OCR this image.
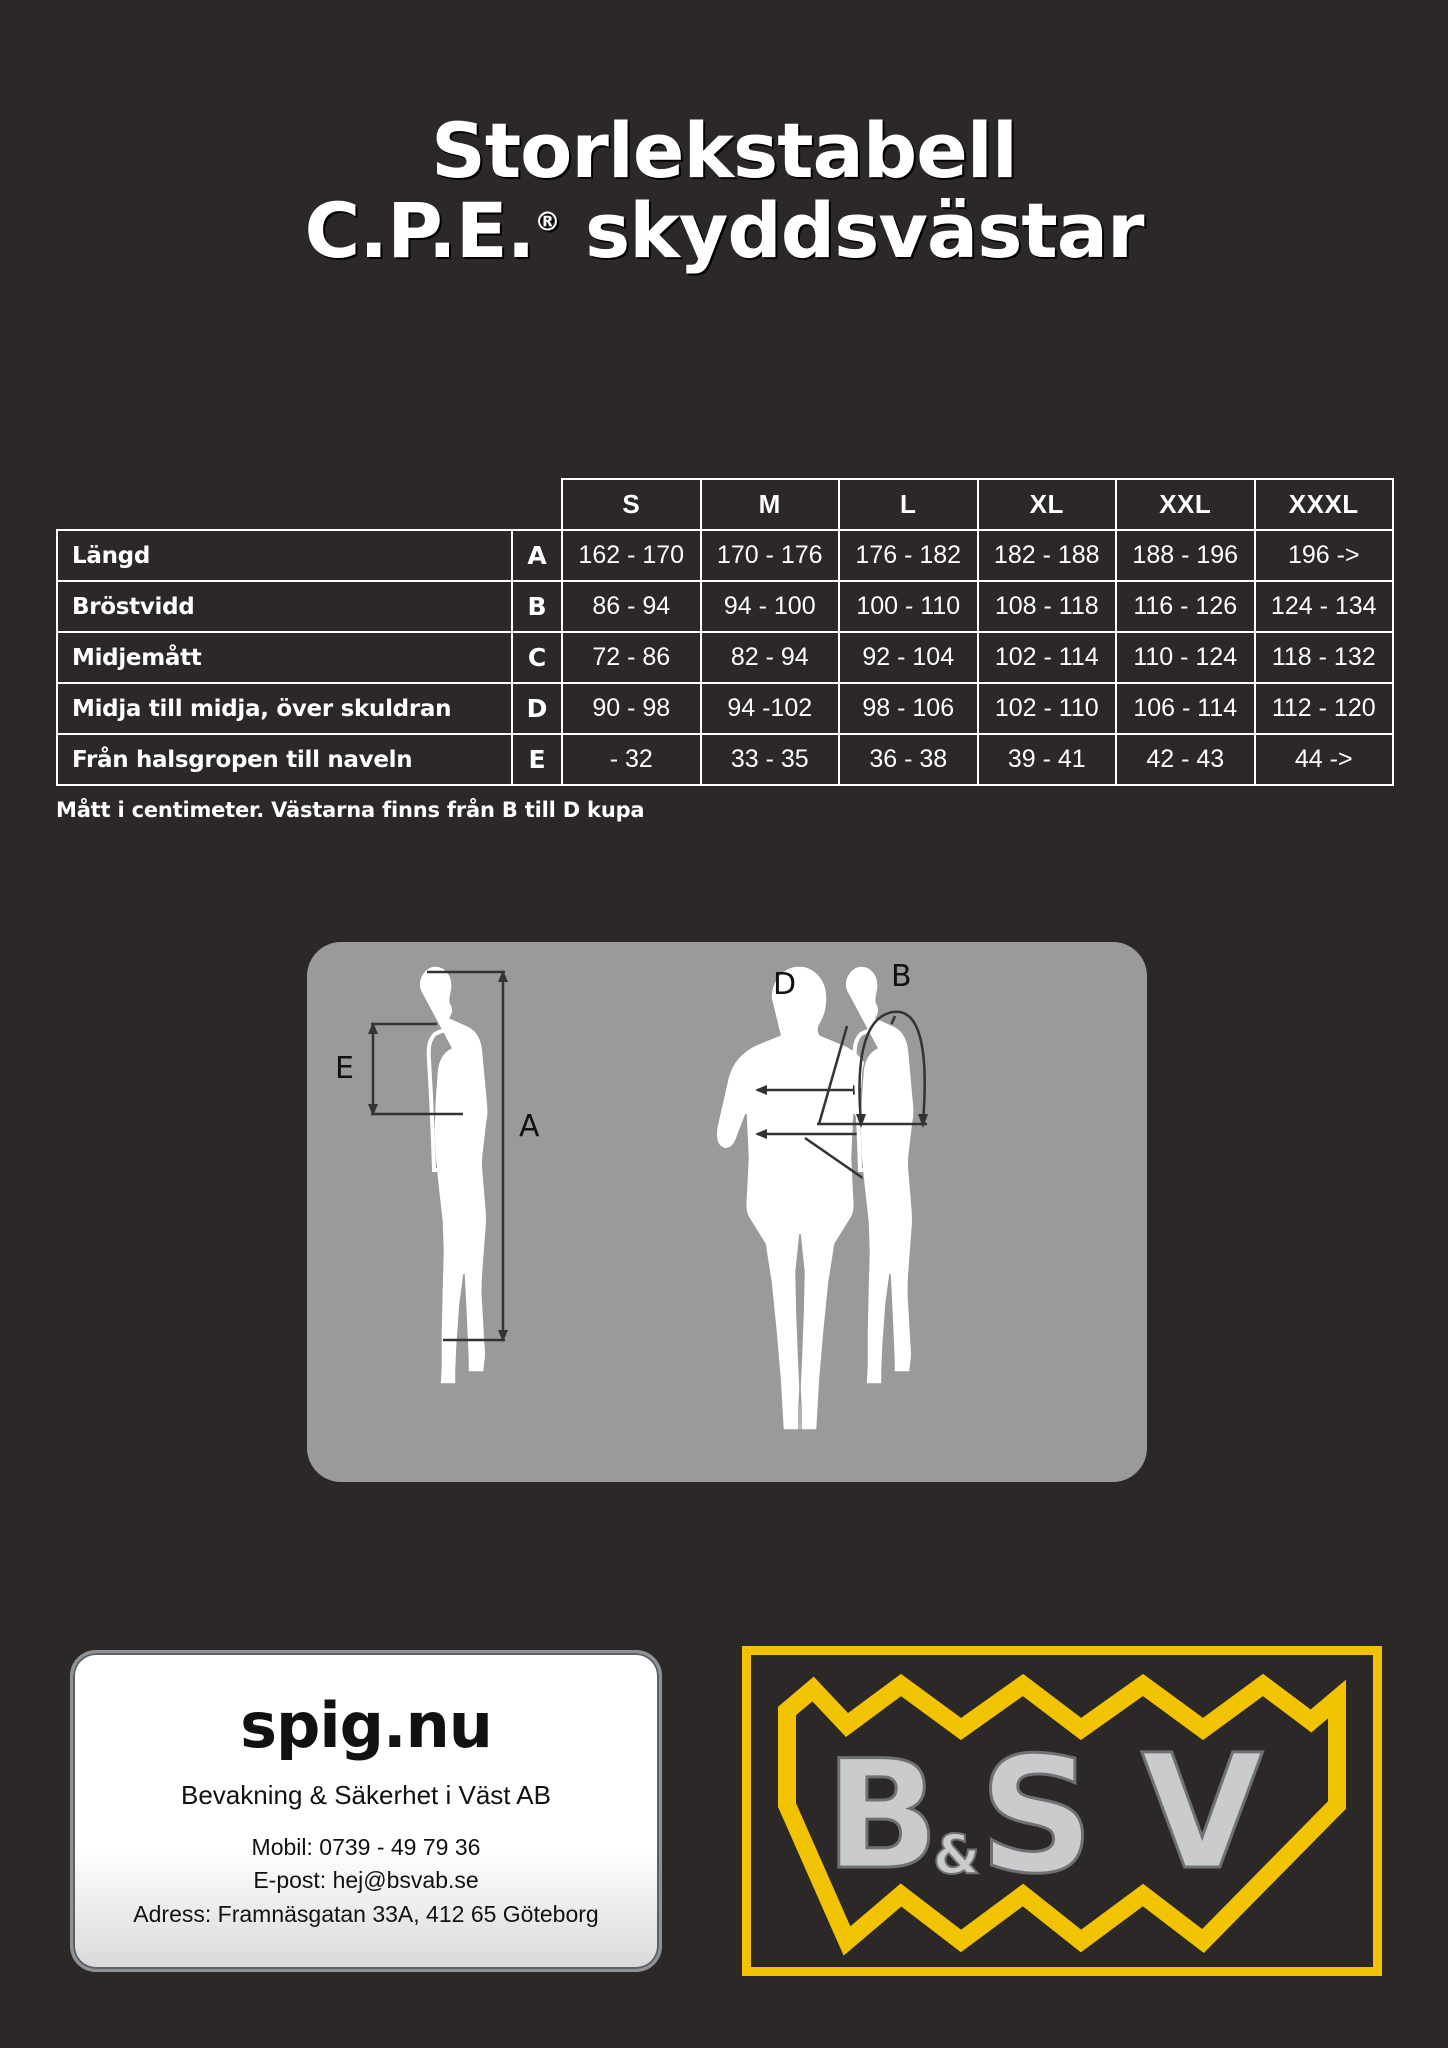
Storlekstabell
C.P.E.® skyddsvästar
		S	M	L	XL	XXL	XXXL
Längd	A	162 - 170	170 - 176	176 - 182	182 - 188	188 - 196	196 ->
Bröstvidd	B	86 - 94	94 - 100	100 - 110	108 - 118	116 - 126	124 - 134
Midjemått	C	72 - 86	82 - 94	92 - 104	102 - 114	110 - 124	118 - 132
Midja till midja, över skuldran	D	90 - 98	94 -102	98 - 106	102 - 110	106 - 114	112 - 120
Från halsgropen till naveln	E	- 32	33 - 35	36 - 38	39 - 41	42 - 43	44 ->
Mått i centimeter. Västarna finns från B till D kupa
A
E
B
D
spig.nu
Bevakning & Säkerhet i Väst AB
Mobil: 0739 - 49 79 36
E-post: hej@bsvab.se
Adress: Framnäsgatan 33A, 412 65 Göteborg
B S V
&
